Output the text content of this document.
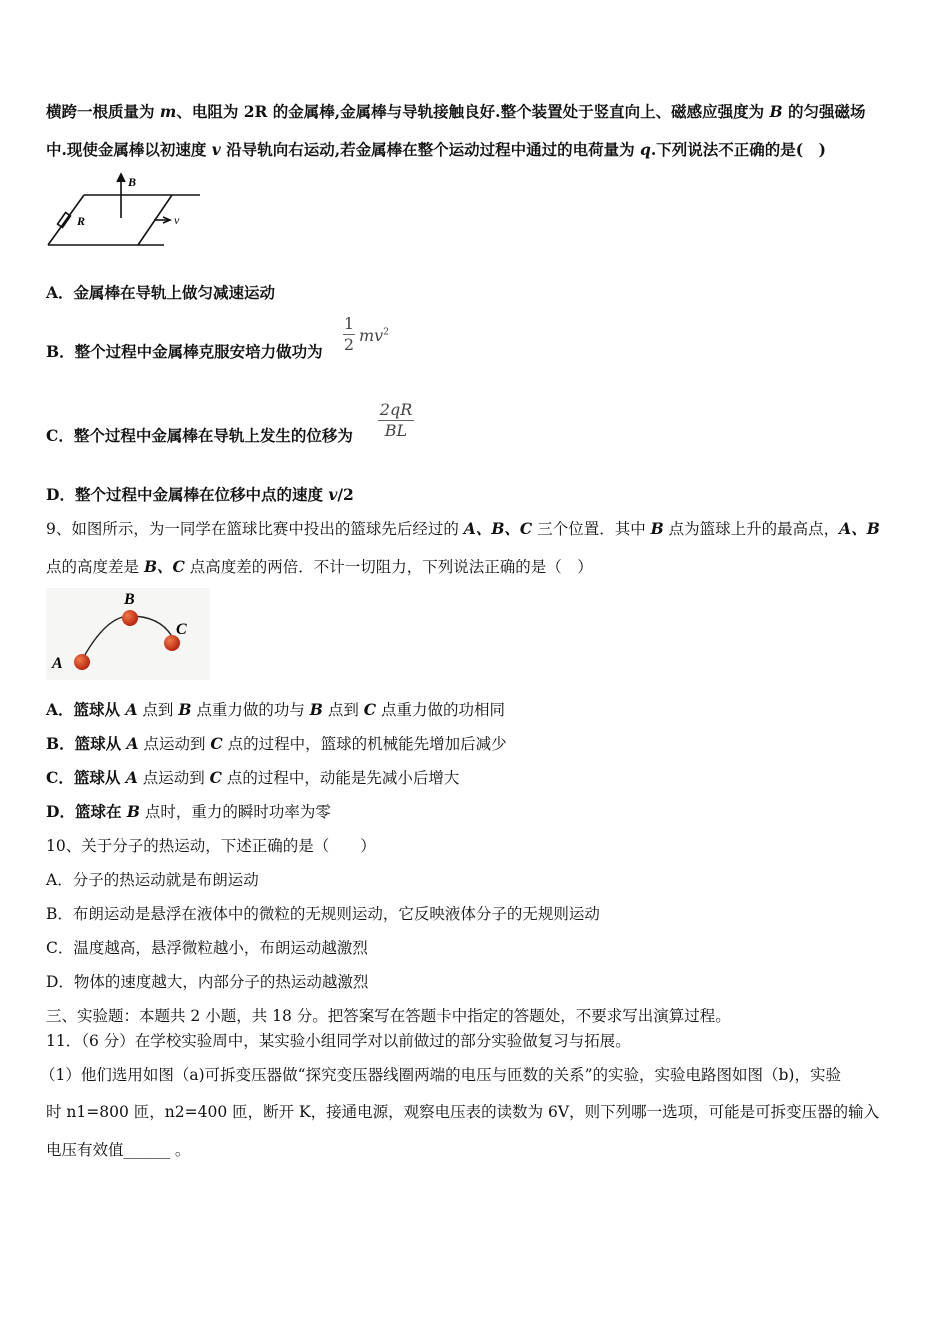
横跨一根质量为 m、电阻为 2R 的金属棒,金属棒与导轨接触良好.整个装置处于竖直向上、磁感应强度为 B 的匀强磁场
中.现使金属棒以初速度 v 沿导轨向右运动,若金属棒在整个运动过程中通过的电荷量为 q.下列说法不正确的是(　)
B
R	v
A．金属棒在导轨上做匀减速运动
B．整个过程中金属棒克服安培力做功为
1
2 $mv^2$
C．整个过程中金属棒在导轨上发生的位移为
2qR
BL
D．整个过程中金属棒在位移中点的速度 v/2
9、如图所示，为一同学在篮球比赛中投出的篮球先后经过的 A、B、C 三个位置．其中 B 点为篮球上升的最高点，A、B
点的高度差是 B、C 点高度差的两倍．不计一切阻力，下列说法正确的是（　）
A
B
C
A．篮球从 A 点到 B 点重力做的功与 B 点到 C 点重力做的功相同
B．篮球从 A 点运动到 C 点的过程中，篮球的机械能先增加后减少
C．篮球从 A 点运动到 C 点的过程中，动能是先减小后增大
D．篮球在 B 点时，重力的瞬时功率为零
10、关于分子的热运动，下述正确的是（　　）
A．分子的热运动就是布朗运动
B．布朗运动是悬浮在液体中的微粒的无规则运动，它反映液体分子的无规则运动
C．温度越高，悬浮微粒越小，布朗运动越激烈
D．物体的速度越大，内部分子的热运动越激烈
三、实验题：本题共 2 小题，共 18 分。把答案写在答题卡中指定的答题处，不要求写出演算过程。
11．（6 分）在学校实验周中，某实验小组同学对以前做过的部分实验做复习与拓展。
（1）他们选用如图（a)可拆变压器做“探究变压器线圈两端的电压与匝数的关系”的实验，实验电路图如图（b)，实验
时 n1=800 匝，n2=400 匝，断开 K，接通电源，观察电压表的读数为 6V，则下列哪一选项，可能是可拆变压器的输入
电压有效值______ 。
